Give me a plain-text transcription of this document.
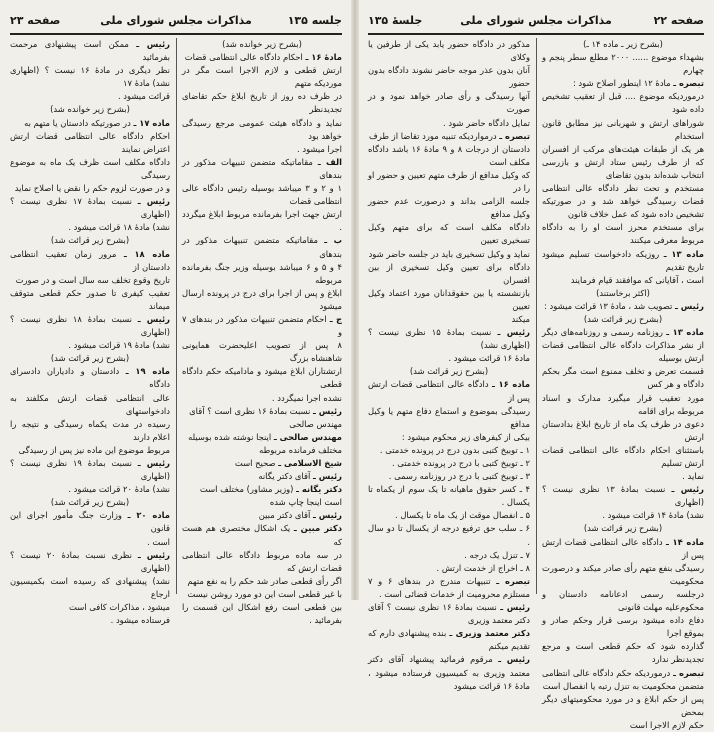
جلسه ۱۳۵
مذاکرات مجلس شورای ملی
صفحه ۲۳

(بشرح زیر خوانده شد)

مادهٔ ۱۶ ـ احکام دادگاه عالی انتظامی قضات

ارتش قطعی و لازم الاجرا است مگر در موردیکه متهم

در ظرف ده روز از تاریخ ابلاغ حکم تقاضای تجدیدنظر

نماید و دادگاه هیئت عمومی مرجع رسیدگی خواهد بود

اجرا میشود .

الف ـ مقاماتیکه متضمن تنبیهات مذکور در بندهای

۱ و ۲ و ۳ میباشد بوسیله رئیس دادگاه عالی انتظامی قضات

ارتش جهت اجرا بفرمانده مربوط ابلاغ میگردد .

ب ـ مقاماتیکه متضمن تنبیهات مذکور در بندهای

۴ و ۵ و ۶ میباشد بوسیله وزیر جنگ بفرمانده مربوطه

ابلاغ و پس از اجرا برای درج در پرونده ارسال میشود

ج ـ احکام متضمن تنبیهات مذکور در بندهای ۷ و

۸ پس از تصویب اعلیحضرت همایونی شاهنشاه بزرگ

ارتشتاران ابلاغ میشود و مادامیکه حکم دادگاه قطعی

نشده اجرا نمیگردد .

رئیس ـ نسبت بمادهٔ ۱۶ نظری است ؟ آقای

مهندس صالحی

مهندس صالحی ـ اینجا نوشته شده بوسیله

مختلف فرمانده مربوطه

شیخ الاسلامی ـ صحیح است

رئیس ـ آقای دکتر یگانه

دکتر یگانه ـ (وزیر مشاور) مختلف است

است اینجا چاپ شده

رئیس ـ آقای دکتر مبین

دکتر مبین ـ یک اشکال مختصری هم هست که

در سه ماده مربوط دادگاه عالی انتظامی قضات ارتش که

اگر رأی قطعی صادر شد حکم را به نفع متهم

با غیر قطعی است این دو مورد روشن نیست

بین قطعی است رفع اشکال این قسمت را بفرمائید .

رئیس ـ ممکن است پیشنهادی مرحمت بفرمائید

نظر دیگری در مادهٔ ۱۶ نیست ؟ (اظهاری نشد) مادهٔ ۱۷

قرائت میشود .

(بشرح زیر خوانده شد)

ماده ۱۷ ـ در صورتیکه دادستان یا متهم به

احکام دادگاه عالی انتظامی قضات ارتش اعتراض نمایند

دادگاه مکلف است ظرف یک ماه به موضوع رسیدگی

و در صورت لزوم حکم را نقض یا اصلاح نماید

رئیس ـ نسبت بمادهٔ ۱۷ نظری نیست ؟ (اظهاری

نشد) مادهٔ ۱۸ قرائت میشود .

(بشرح زیر قرائت شد)

ماده ۱۸ ـ مرور زمان تعقیب انتظامی دادستان از

تاریخ وقوع تخلف سه سال است و در صورت

تعقیب کیفری تا صدور حکم قطعی متوقف میماند

رئیس ـ نسبت بمادهٔ ۱۸ نظری نیست ؟ (اظهاری

نشد) مادهٔ ۱۹ قرائت میشود .

(بشرح زیر قرائت شد)

ماده ۱۹ ـ دادستان و دادیاران دادسرای دادگاه

عالی انتظامی قضات ارتش مکلفند به دادخواستهای

رسیده در مدت یکماه رسیدگی و نتیجه را اعلام دارند

مربوط موضوع این ماده نیز پس از رسیدگی

رئیس ـ نسبت بمادهٔ ۱۹ نظری نیست ؟ (اظهاری

نشد) مادهٔ ۲۰ قرائت میشود .

(بشرح زیر قرائت شد)

ماده ۲۰ ـ وزارت جنگ مأمور اجرای این قانون

است .

رئیس ـ نظری نسبت بمادهٔ ۲۰ نیست ؟ (اظهاری

نشد) پیشنهادی که رسیده است بکمیسیون ارجاع

میشود ، مذاکرات کافی است

فرستاده میشود .

صفحه ۲۲
مذاکرات مجلس شورای ملی
جلسهٔ ۱۳۵

(بشرح زیر ـ ماده ۱۴ ـ)

بشهداء موضوع ...... ۲۰۰۰ مطلع سطر پنجم و چهارم

تبصره ـ مادهٔ ۱۲ اینطور اصلاح شود :

درموردیکه موضوع .... قبل از تعقیب تشخیص داده شود

شوراهای ارتش و شهربانی نیز مطابق قانون استخدام

هر یک از طبقات هیئت‌های مرکب از افسران که از طرف رئیس ستاد ارتش و بازرسی انتخاب شده‌اند بدون تقاضای

مستخدم و تحت نظر دادگاه عالی انتظامی قضات رسیدگی خواهد شد و در صورتیکه تشخیص داده شود که عمل خلاف قانون

برای مستخدم محرز است او را به دادگاه مربوط معرفی میکنند

ماده ۱۳ ـ روزیکه دادخواست تسلیم میشود تاریخ تقدیم

است ، آقایانی که موافقند قیام فرمایند

(اکثر برخاستند)

رئیس ـ تصویب شد ، مادهٔ ۱۳ قرائت میشود :

(بشرح زیر قرائت شد)

ماده ۱۳ ـ روزنامه رسمی و روزنامه‌های دیگر از نشر مذاکرات دادگاه عالی انتظامی قضات ارتش بوسیله

قسمت تعرض و تخلف ممنوع است مگر بحکم دادگاه و هر کس

مورد تعقیب قرار میگیرد مدارک و اسناد مربوطه برای اقامه

دعوی در ظرف یک ماه از تاریخ ابلاغ بدادستان ارتش

باستثنای احکام دادگاه عالی انتظامی قضات ارتش تسلیم

نماید .

رئیس ـ نسبت بمادهٔ ۱۳ نظری نیست ؟ (اظهاری

نشد) مادهٔ ۱۴ قرائت میشود .

(بشرح زیر قرائت شد)

ماده ۱۴ ـ دادگاه عالی انتظامی قضات ارتش پس از

رسیدگی بنفع متهم رأی صادر میکند و درصورت محکومیت

درجلسه رسمی ادعانامه دادستان و محکوم‌علیه مهلت قانونی

دفاع داده میشود برسی قرار وحکم صادر و بموقع اجرا

گذارده شود که حکم قطعی است و مرجع تجدیدنظر ندارد

تبصره ـ درموردیکه حکم دادگاه عالی انتظامی متضمن محکومیت به تنزل رتبه یا انفصال است

پس از حکم ابلاغ و در مورد محکومیتهای دیگر بمحض

حکم لازم الاجرا است

مذکور در دادگاه حضور یابد یکی از طرفین یا وکلای

آنان بدون عذر موجه حاضر نشوند دادگاه بدون حضور

آنها رسیدگی و رأی صادر خواهد نمود و در صورت

تمایل دادگاه حاضر شود .

تبصره ـ درمواردیکه تنبیه مورد تقاضا از طرف

دادستان از درجات ۸ و ۹ مادهٔ ۱۶ باشد دادگاه مکلف است

که وکیل مدافع از طرف متهم تعیین و حضور او را در

جلسه الزامی بداند و درصورت عدم حضور وکیل مدافع

دادگاه مکلف است که برای متهم وکیل تسخیری تعیین

نماید و وکیل تسخیری باید در جلسه حاضر شود

دادگاه برای تعیین وکیل تسخیری از بین افسران

بازنشسته یا بین حقوقدانان مورد اعتماد وکیل تعیین

میکند

رئیس ـ نسبت بمادهٔ ۱۵ نظری نیست ؟ (اظهاری نشد)

مادهٔ ۱۶ قرائت میشود .

(بشرح زیر قرائت شد)

ماده ۱۶ ـ دادگاه عالی انتظامی قضات ارتش پس از

رسیدگی بموضوع و استماع دفاع متهم یا وکیل مدافع

بیکی از کیفرهای زیر محکوم میشود :

۱ ـ توبیخ کتبی بدون درج در پرونده خدمتی .

۲ ـ توبیخ کتبی با درج در پرونده خدمتی .

۳ ـ توبیخ کتبی با درج در روزنامه رسمی .

۴ ـ کسر حقوق ماهیانه تا یک سوم از یکماه تا یکسال .

۵ ـ انفصال موقت از یک ماه تا یکسال .

۶ ـ سلب حق ترفیع درجه از یکسال تا دو سال .

۷ ـ تنزل یک درجه .

۸ ـ اخراج از خدمت ارتش .

تبصره ـ تنبیهات مندرج در بندهای ۶ و ۷ مستلزم محرومیت از خدمات قضائی است .

رئیس ـ نسبت بمادهٔ ۱۶ نظری نیست ؟ آقای دکتر معتمد وزیری

دکتر معتمد وزیری ـ بنده پیشنهادی دارم که تقدیم میکنم

رئیس ـ مرقوم فرمائید پیشنهاد آقای دکتر معتمد وزیری به کمیسیون فرستاده میشود ، مادهٔ ۱۶ قرائت میشود
